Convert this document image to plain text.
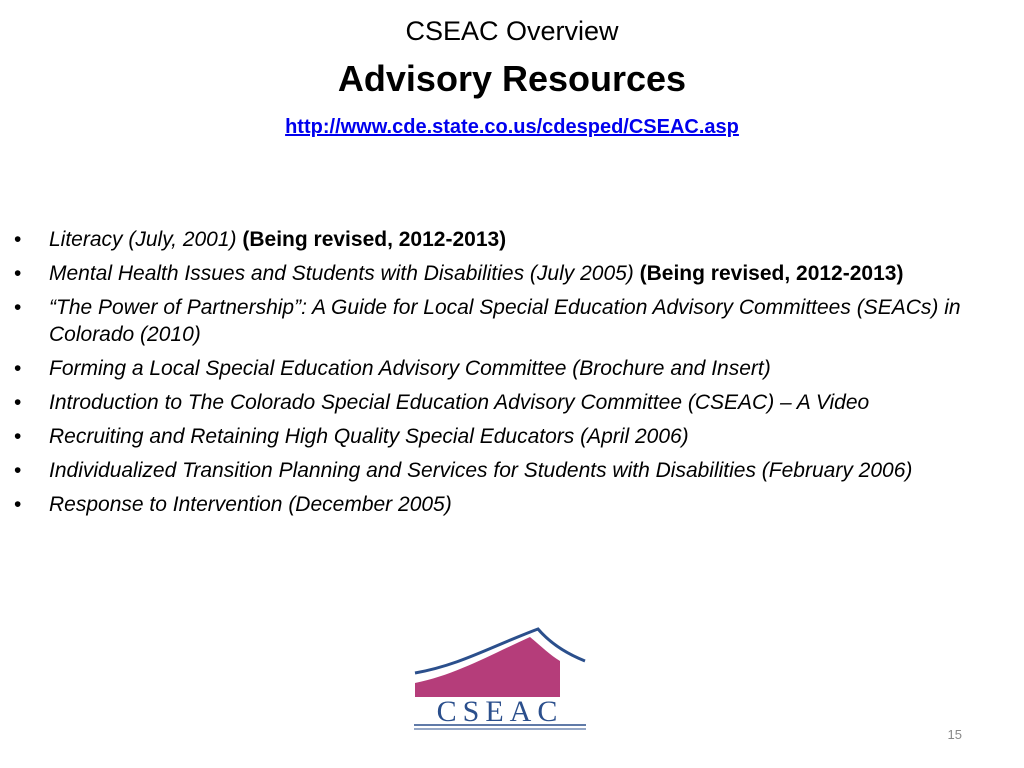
CSEAC Overview
Advisory Resources
http://www.cde.state.co.us/cdesped/CSEAC.asp
• Literacy (July, 2001) (Being revised, 2012-2013)
• Mental Health Issues and Students with Disabilities (July 2005) (Being revised, 2012-2013)
• “The Power of Partnership”: A Guide for Local Special Education Advisory Committees (SEACs) in Colorado (2010)
• Forming a Local Special Education Advisory Committee (Brochure and Insert)
• Introduction to The Colorado Special Education Advisory Committee (CSEAC) – A Video
• Recruiting and Retaining High Quality Special Educators (April 2006)
• Individualized Transition Planning and Services for Students with Disabilities (February 2006)
• Response to Intervention (December 2005)
CSEAC
15
